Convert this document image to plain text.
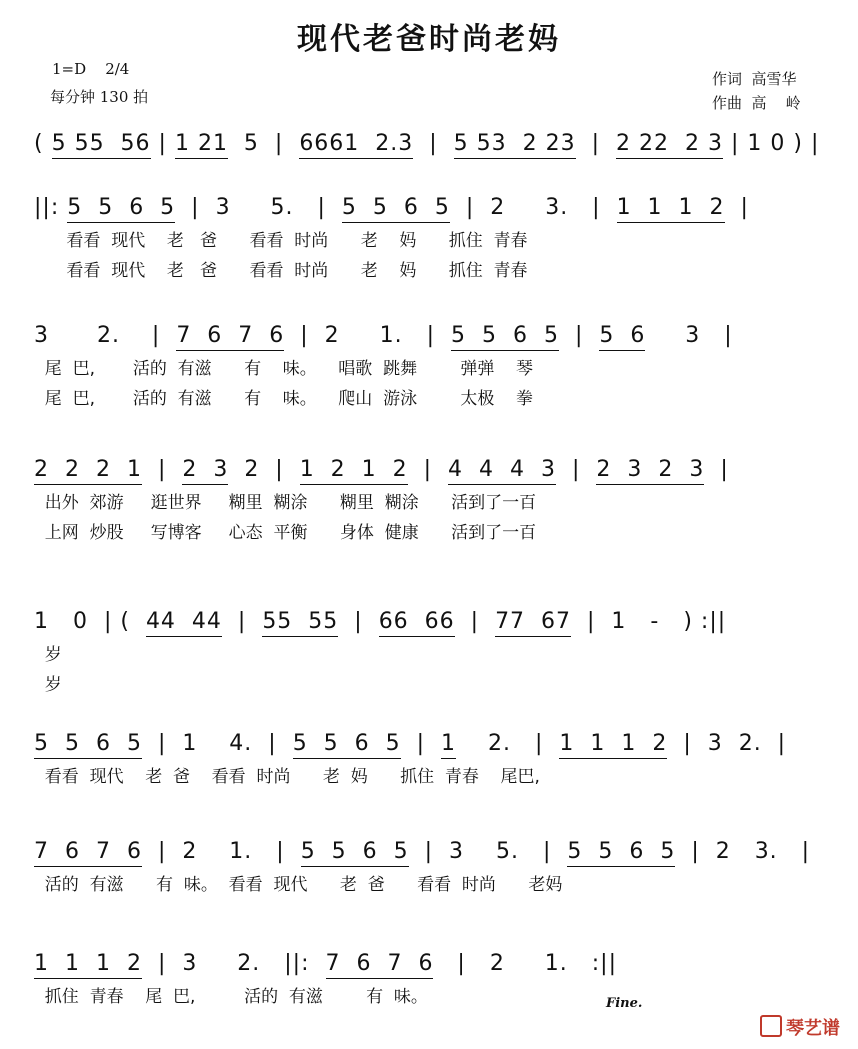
现代老爸时尚老妈
1=D    2/4
每分钟 130 拍
作词  高雪华
作曲  高    岭
( 5 55  56 | 1 21 5  | 6661  2.3 | 5 53  2 23 | 2 22  2 3 | 1 0 ) |
||: 5  5  6  5 |  3     5.   | 5  5  6  5 |  2     3.   | 1  1  1  2 |
看看  现代    老   爸      看看  时尚      老    妈      抓住  青春
看看  现代    老   爸      看看  时尚      老    妈      抓住  青春
3      2.    | 7  6  7  6 |  2     1.   | 5  5  6  5 | 5  6 3   |
尾  巴,       活的  有滋      有    味。    唱歌  跳舞        弹弹    琴
尾  巴,       活的  有滋      有    味。    爬山  游泳        太极    拳
2  2  2  1 | 2  3 2  | 1  2  1  2 | 4  4  4  3 | 2  3  2  3 |
出外  郊游     逛世界     糊里  糊涂      糊里  糊涂      活到了一百
上网  炒股     写博客     心态  平衡      身体  健康      活到了一百
1   0  | ( 44  44 | 55  55 | 66  66 | 77  67 |  1   -   ) :||
岁
岁
5  5  6  5 |  1    4.  | 5  5  6  5 | 1 2.   | 1  1  1  2 |  3  2.  |
看看  现代    老  爸    看看  时尚      老  妈      抓住  青春    尾巴,
7  6  7  6 |  2    1.   | 5  5  6  5 |  3    5.   | 5  5  6  5 |  2   3.   |
活的  有滋      有  味。  看看  现代      老  爸      看看  时尚      老妈
1  1  1  2 |  3     2.   ||: 7  6  7  6 |   2     1.   :||
抓住  青春    尾  巴,         活的  有滋        有  味。	Fine.
琴艺谱
